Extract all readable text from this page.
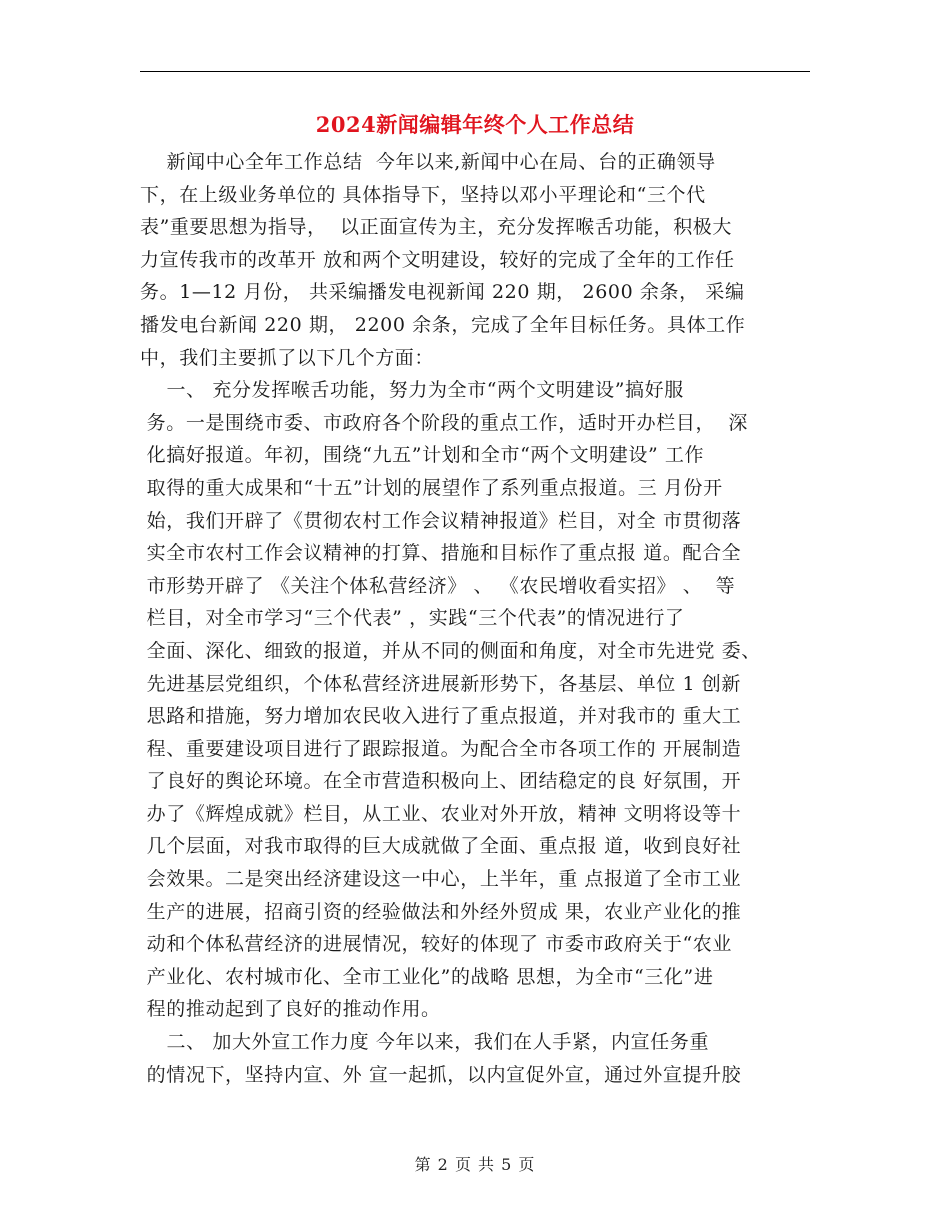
2024新闻编辑年终个人工作总结
新闻中心全年工作总结  今年以来,新闻中心在局、台的正确领导
下，在上级业务单位的 具体指导下，坚持以邓小平理论和“三个代
表”重要思想为指导，  以正面宣传为主，充分发挥喉舌功能，积极大
力宣传我市的改革开 放和两个文明建设，较好的完成了全年的工作任
务。1—12 月份， 共采编播发电视新闻 220 期， 2600 余条， 采编
播发电台新闻 220 期， 2200 余条，完成了全年目标任务。具体工作
中，我们主要抓了以下几个方面：
一、 充分发挥喉舌功能，努力为全市“两个文明建设”搞好服
务。一是围绕市委、市政府各个阶段的重点工作，适时开办栏目，  深
化搞好报道。年初，围绕“九五”计划和全市“两个文明建设” 工作
取得的重大成果和“十五”计划的展望作了系列重点报道。三 月份开
始，我们开辟了《贯彻农村工作会议精神报道》栏目，对全 市贯彻落
实全市农村工作会议精神的打算、措施和目标作了重点报 道。配合全
市形势开辟了 《关注个体私营经济》 、 《农民增收看实招》 、  等
栏目，对全市学习“三个代表” ，实践“三个代表”的情况进行了
全面、深化、细致的报道，并从不同的侧面和角度，对全市先进党 委、
先进基层党组织，个体私营经济进展新形势下，各基层、单位 1 创新
思路和措施，努力增加农民收入进行了重点报道，并对我市的 重大工
程、重要建设项目进行了跟踪报道。为配合全市各项工作的 开展制造
了良好的舆论环境。在全市营造积极向上、团结稳定的良 好氛围，开
办了《辉煌成就》栏目，从工业、农业对外开放，精神 文明将设等十
几个层面，对我市取得的巨大成就做了全面、重点报 道，收到良好社
会效果。二是突出经济建设这一中心，上半年，重 点报道了全市工业
生产的进展，招商引资的经验做法和外经外贸成 果，农业产业化的推
动和个体私营经济的进展情况，较好的体现了 市委市政府关于“农业
产业化、农村城市化、全市工业化”的战略 思想，为全市“三化”进
程的推动起到了良好的推动作用。
二、 加大外宣工作力度 今年以来，我们在人手紧，内宣任务重
的情况下，坚持内宣、外 宣一起抓，以内宣促外宣，通过外宣提升胶
第 2 页 共 5 页
